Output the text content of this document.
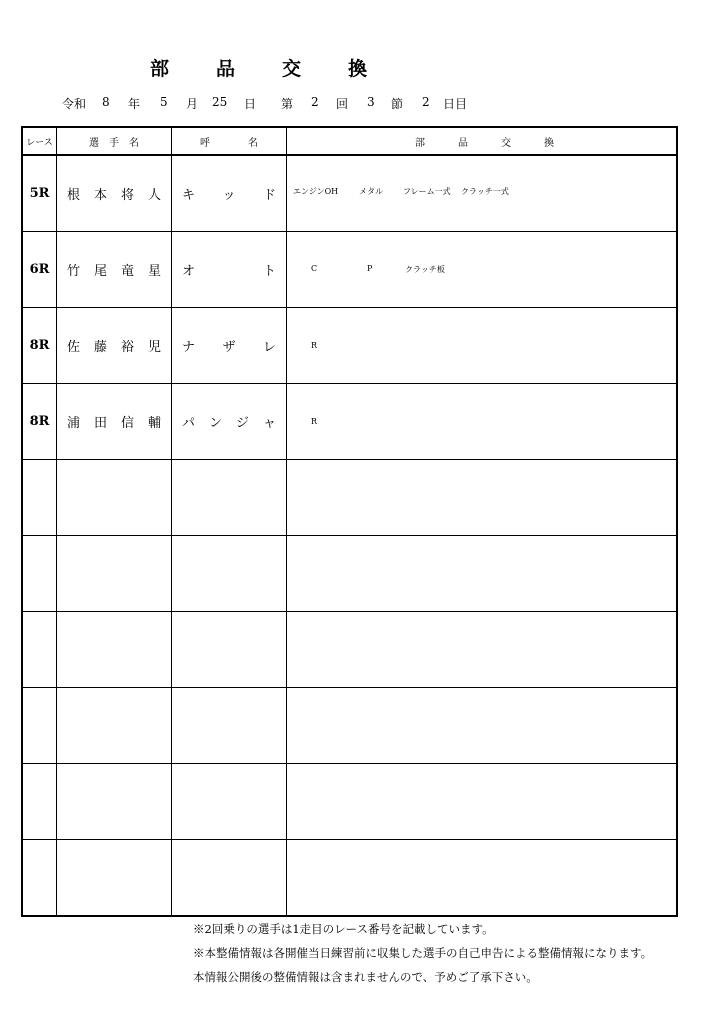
部 品 交 換
令和 8 年 5 月 25 日 第 2 回 3 節 2 日目
レース	選 手 名	呼 名	部 品 交 換

5R	根 本 将 人	キ ッ ド	エンジンOH メタル フレーム一式 クラッチ一式

6R	竹 尾 竜 星	オ ト	C P クラッチ板

8R	佐 藤 裕 児	ナ ザ レ	R

8R	浦 田 信 輔	パ ン ジ ャ	R

※2回乗りの選手は1走目のレース番号を記載しています。
※本整備情報は各開催当日練習前に収集した選手の自己申告による整備情報になります。
本情報公開後の整備情報は含まれませんので、予めご了承下さい。
